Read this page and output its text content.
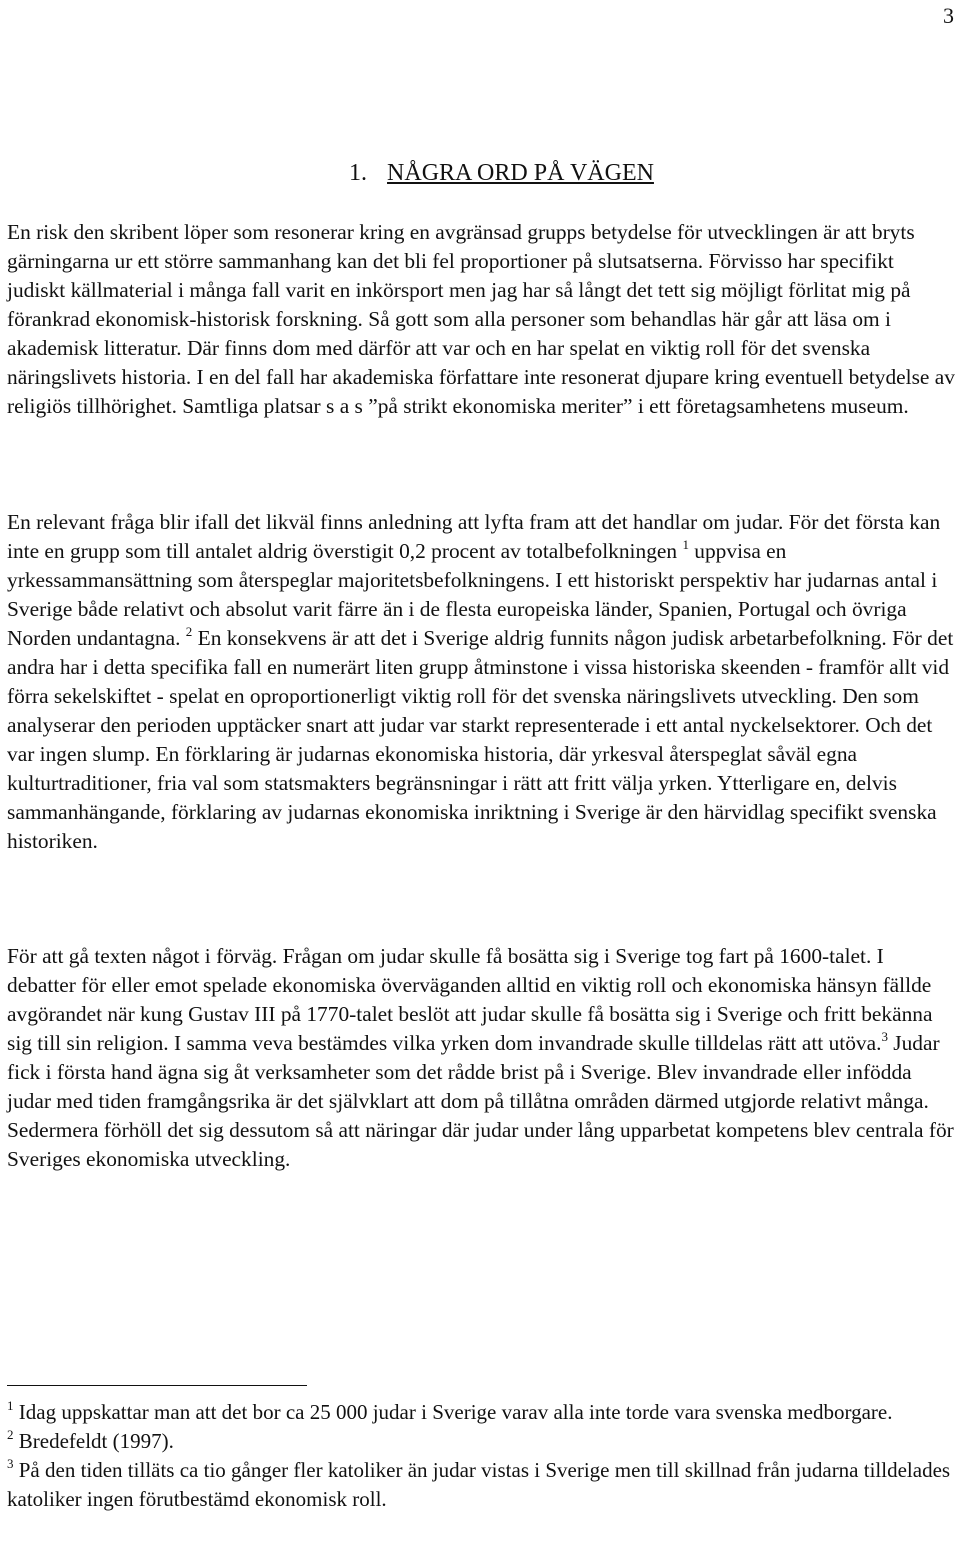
3
1. NÅGRA ORD PÅ VÄGEN

En risk den skribent löper som resonerar kring en avgränsad grupps betydelse för utvecklingen är att bryts gärningarna ur ett större sammanhang kan det bli fel proportioner på slutsatserna. Förvisso har specifikt judiskt källmaterial i många fall varit en inkörsport men jag har så långt det tett sig möjligt förlitat mig på förankrad ekonomisk-historisk forskning. Så gott som alla personer som behandlas här går att läsa om i akademisk litteratur. Där finns dom med därför att var och en har spelat en viktig roll för det svenska näringslivets historia. I en del fall har akademiska författare inte resonerat djupare kring eventuell betydelse av religiös tillhörighet. Samtliga platsar s a s ”på strikt ekonomiska meriter” i ett företagsamhetens museum.

En relevant fråga blir ifall det likväl finns anledning att lyfta fram att det handlar om judar. För det första kan inte en grupp som till antalet aldrig överstigit 0,2 procent av totalbefolkningen $^1$ uppvisa en yrkessammansättning som återspeglar majoritetsbefolkningens. I ett historiskt perspektiv har judarnas antal i Sverige både relativt och absolut varit färre än i de flesta europeiska länder, Spanien, Portugal och övriga Norden undantagna. $^2$ En konsekvens är att det i Sverige aldrig funnits någon judisk arbetarbefolkning. För det andra har i detta specifika fall en numerärt liten grupp åtminstone i vissa historiska skeenden - framför allt vid förra sekelskiftet - spelat en oproportionerligt viktig roll för det svenska näringslivets utveckling. Den som analyserar den perioden upptäcker snart att judar var starkt representerade i ett antal nyckelsektorer. Och det var ingen slump. En förklaring är judarnas ekonomiska historia, där yrkesval återspeglat såväl egna kulturtraditioner, fria val som statsmakters begränsningar i rätt att fritt välja yrken. Ytterligare en, delvis sammanhängande, förklaring av judarnas ekonomiska inriktning i Sverige är den härvidlag specifikt svenska historiken.

För att gå texten något i förväg. Frågan om judar skulle få bosätta sig i Sverige tog fart på 1600-talet. I debatter för eller emot spelade ekonomiska överväganden alltid en viktig roll och ekonomiska hänsyn fällde avgörandet när kung Gustav III på 1770-talet beslöt att judar skulle få bosätta sig i Sverige och fritt bekänna sig till sin religion. I samma veva bestämdes vilka yrken dom invandrade skulle tilldelas rätt att utöva.$^3$ Judar fick i första hand ägna sig åt verksamheter som det rådde brist på i Sverige. Blev invandrade eller infödda judar med tiden framgångsrika är det självklart att dom på tillåtna områden därmed utgjorde relativt många. Sedermera förhöll det sig dessutom så att näringar där judar under lång upparbetat kompetens blev centrala för Sveriges ekonomiska utveckling.

$^1$ Idag uppskattar man att det bor ca 25 000 judar i Sverige varav alla inte torde vara svenska medborgare.

$^2$ Bredefeldt (1997).

$^3$ På den tiden tilläts ca tio gånger fler katoliker än judar vistas i Sverige men till skillnad från judarna tilldelades katoliker ingen förutbestämd ekonomisk roll.
